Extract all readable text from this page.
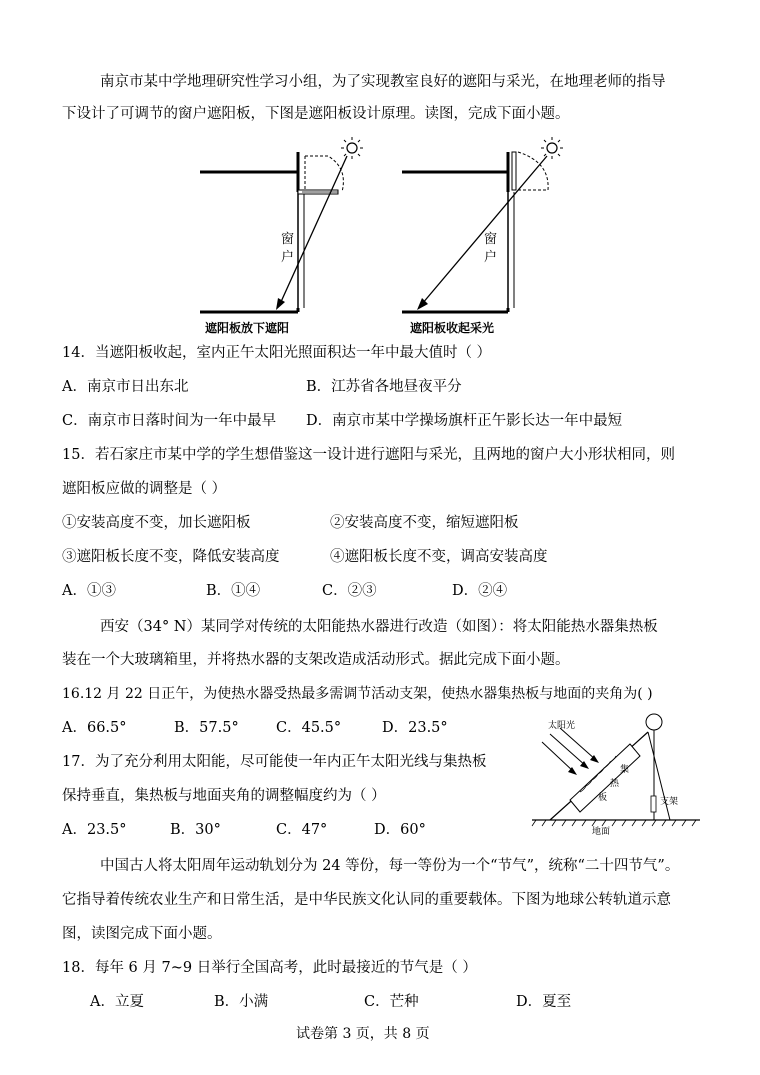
南京市某中学地理研究性学习小组，为了实现教室良好的遮阳与采光，在地理老师的指导
下设计了可调节的窗户遮阳板，下图是遮阳板设计原理。读图，完成下面小题。
窗
户
窗
户
遮阳板放下遮阳	遮阳板收起采光
14．当遮阳板收起，室内正午太阳光照面积达一年中最大值时（ ）
A．南京市日出东北	B．江苏省各地昼夜平分
C．南京市日落时间为一年中最早 D．南京市某中学操场旗杆正午影长达一年中最短
15．若石家庄市某中学的学生想借鉴这一设计进行遮阳与采光，且两地的窗户大小形状相同，则
遮阳板应做的调整是（ ）
①安装高度不变，加长遮阳板	②安装高度不变，缩短遮阳板
③遮阳板长度不变，降低安装高度	④遮阳板长度不变，调高安装高度
A．①③	B．①④	C．②③	D．②④
西安（34° N）某同学对传统的太阳能热水器进行改造（如图）：将太阳能热水器集热板
装在一个大玻璃箱里，并将热水器的支架改造成活动形式。据此完成下面小题。
16.12 月 22 日正午，为使热水器受热最多需调节活动支架，使热水器集热板与地面的夹角为( )
A．66.5°	B．57.5°	C．45.5°	D．23.5°
17．为了充分利用太阳能，尽可能使一年内正午太阳光线与集热板
保持垂直，集热板与地面夹角的调整幅度约为（ ）
A．23.5°	B．30°	C．47°	D．60°
太阳光
集
热
板	支架
地面
中国古人将太阳周年运动轨划分为 24 等份，每一等份为一个“节气”，统称“二十四节气”。
它指导着传统农业生产和日常生活，是中华民族文化认同的重要载体。下图为地球公转轨道示意
图，读图完成下面小题。
18．每年 6 月 7~9 日举行全国高考，此时最接近的节气是（ ）
A．立夏	B．小满	C．芒种	D．夏至
试卷第 3 页，共 8 页
